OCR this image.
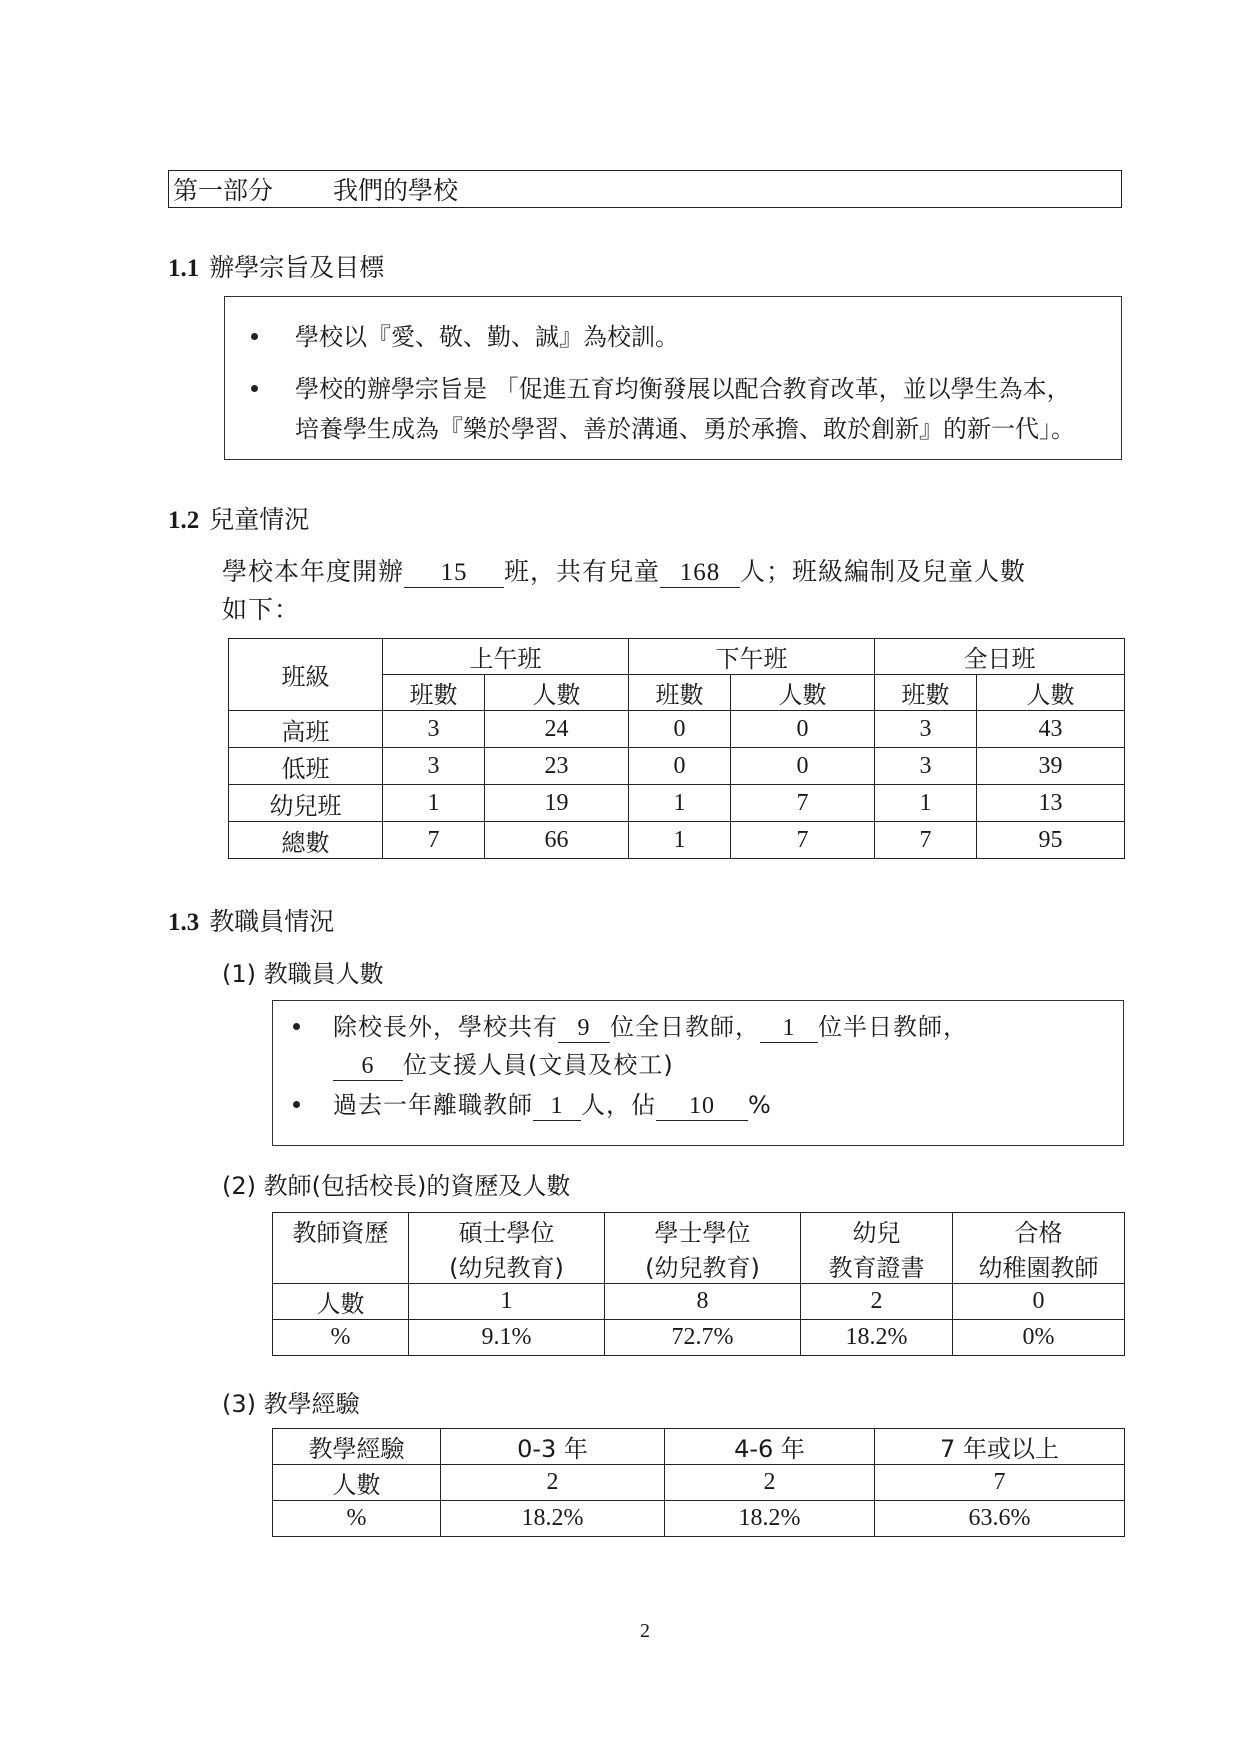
第一部分 我們的學校
1.1 辦學宗旨及目標
學校以『愛、敬、勤、誠』為校訓。
學校的辦學宗旨是 「促進五育均衡發展以配合教育改革，並以學生為本，
培養學生成為『樂於學習、善於溝通、勇於承擔、敢於創新』的新一代」。
1.2 兒童情況
學校本年度開辦 15 班，共有兒童 168 人；班級編制及兒童人數
如下：
班級	上午班		下午班		全日班	
	班數	人數	班數	人數	班數	人數
高班	3	24	0	0	3	43
低班	3	23	0	0	3	39
幼兒班	1	19	1	7	1	13
總數	7	66	1	7	7	95
1.3 教職員情況
(1) 教職員人數
除校長外，學校共有 9 位全日教師， 1 位半日教師，
6 位支援人員(文員及校工)
過去一年離職教師 1 人，佔 10 %
(2) 教師(包括校長)的資歷及人數
教師資歷	碩士學位	學士學位	幼兒	合格
	(幼兒教育)	(幼兒教育)	教育證書	幼稚園教師
人數	1	8	2	0
%	9.1%	72.7%	18.2%	0%
(3) 教學經驗
教學經驗	0-3 年	4-6 年	7 年或以上
人數	2	2	7
%	18.2%	18.2%	63.6%
2
